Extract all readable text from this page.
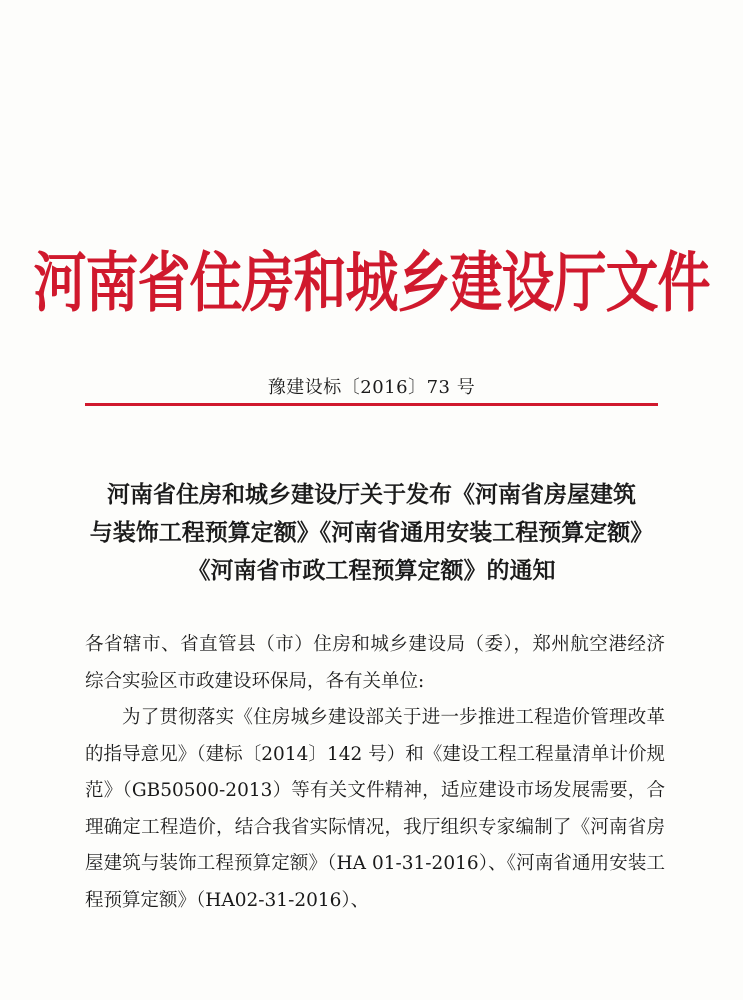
河南省住房和城乡建设厅文件
豫建设标〔2016〕73 号
河南省住房和城乡建设厅关于发布《河南省房屋建筑
与装饰工程预算定额》《河南省通用安装工程预算定额》
《河南省市政工程预算定额》的通知

各省辖市、省直管县（市）住房和城乡建设局（委），郑州航空港经济综合实验区市政建设环保局，各有关单位:

为了贯彻落实《住房城乡建设部关于进一步推进工程造价管理改革的指导意见》（建标〔2014〕142 号）和《建设工程工程量清单计价规范》（GB50500-2013）等有关文件精神，适应建设市场发展需要，合理确定工程造价，结合我省实际情况，我厅组织专家编制了《河南省房屋建筑与装饰工程预算定额》（HA 01-31-2016）、《河南省通用安装工程预算定额》（HA02-31-2016）、
